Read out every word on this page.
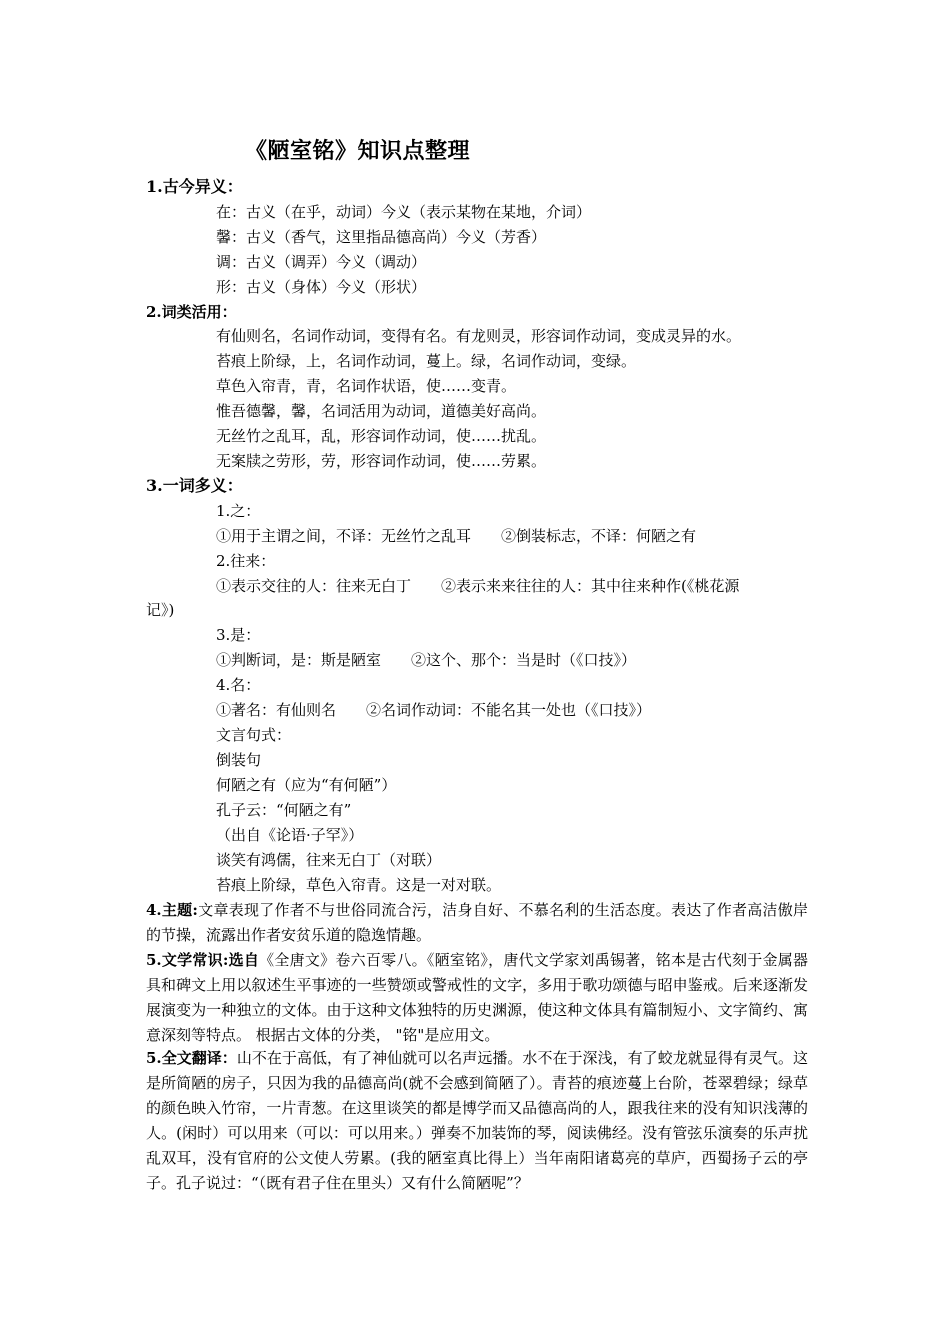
《陋室铭》知识点整理
1.古今异义：
在：古义（在乎，动词）今义（表示某物在某地，介词）
馨：古义（香气，这里指品德高尚）今义（芳香）
调：古义（调弄）今义（调动）
形：古义（身体）今义（形状）
2.词类活用：
有仙则名，名词作动词，变得有名。有龙则灵，形容词作动词，变成灵异的水。
苔痕上阶绿，上，名词作动词，蔓上。绿，名词作动词，变绿。
草色入帘青，青，名词作状语，使……变青。
惟吾德馨，馨，名词活用为动词，道德美好高尚。
无丝竹之乱耳，乱，形容词作动词，使……扰乱。
无案牍之劳形，劳，形容词作动词，使……劳累。
3.一词多义：
1.之：
①用于主谓之间，不译：无丝竹之乱耳 ②倒装标志，不译：何陋之有
2.往来：
①表示交往的人：往来无白丁 ②表示来来往往的人：其中往来种作(《桃花源
记》)
3.是：
①判断词，是：斯是陋室 ②这个、那个：当是时（《口技》）
4.名：
①著名：有仙则名 ②名词作动词：不能名其一处也（《口技》）
文言句式：
倒装句
何陋之有（应为“有何陋”）
孔子云：“何陋之有”
（出自《论语·子罕》）
谈笑有鸿儒，往来无白丁（对联）
苔痕上阶绿，草色入帘青。这是一对对联。
4.主题:文章表现了作者不与世俗同流合污，洁身自好、不慕名利的生活态度。表达了作者高洁傲岸的节操，流露出作者安贫乐道的隐逸情趣。
5.文学常识:选自《全唐文》卷六百零八。《陋室铭》，唐代文学家刘禹锡著，铭本是古代刻于金属器具和碑文上用以叙述生平事迹的一些赞颂或警戒性的文字，多用于歌功颂德与昭申鉴戒。后来逐渐发展演变为一种独立的文体。由于这种文体独特的历史渊源，使这种文体具有篇制短小、文字简约、寓意深刻等特点。 根据古文体的分类， "铭"是应用文。
5.全文翻译：山不在于高低，有了神仙就可以名声远播。水不在于深浅，有了蛟龙就显得有灵气。这是所简陋的房子，只因为我的品德高尚(就不会感到简陋了）。青苔的痕迹蔓上台阶，苍翠碧绿；绿草的颜色映入竹帘，一片青葱。在这里谈笑的都是博学而又品德高尚的人，跟我往来的没有知识浅薄的人。(闲时）可以用来（可以：可以用来。）弹奏不加装饰的琴，阅读佛经。没有管弦乐演奏的乐声扰乱双耳，没有官府的公文使人劳累。(我的陋室真比得上）当年南阳诸葛亮的草庐，西蜀扬子云的亭子。孔子说过：“（既有君子住在里头）又有什么简陋呢”？
